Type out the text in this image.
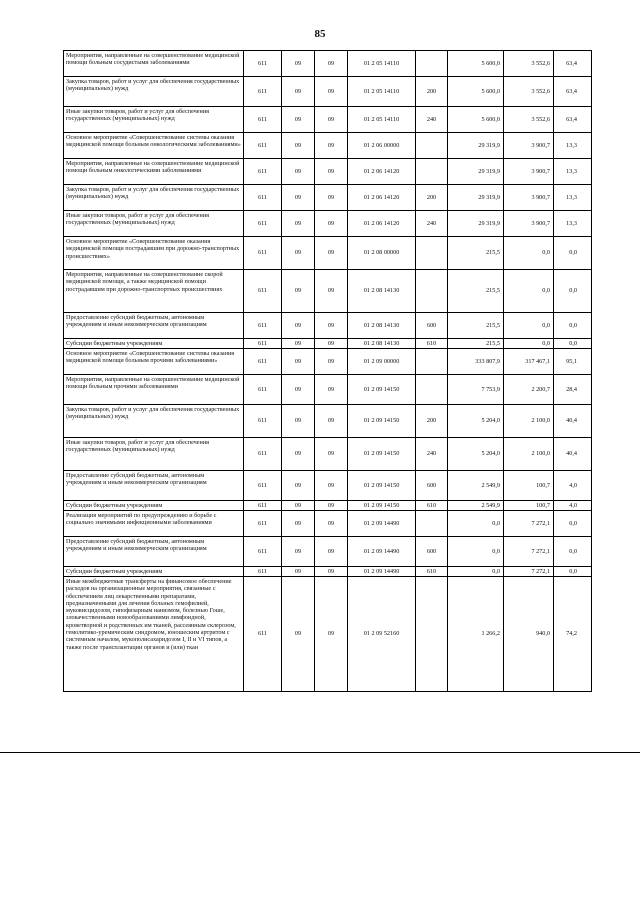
85
Мероприятия, направленные на совершенствование медицинской помощи больным сосудистыми заболеваниями	611	09	09	01 2 05 14110		5 600,0	3 552,6	63,4
Закупка товаров, работ и услуг для обеспечения государственных (муниципальных) нужд	611	09	09	01 2 05 14110	200	5 600,0	3 552,6	63,4
Иные закупки товаров, работ и услуг для обеспечения государственных (муниципальных) нужд	611	09	09	01 2 05 14110	240	5 600,0	3 552,6	63,4
Основное мероприятие «Совершенствование системы оказания медицинской помощи больным онкологическими заболеваниями»	611	09	09	01 2 06 00000		29 319,9	3 900,7	13,3
Мероприятия, направленные на совершенствование медицинской помощи больным онкологическими заболеваниями	611	09	09	01 2 06 14120		29 319,9	3 900,7	13,3
Закупка товаров, работ и услуг для обеспечения государственных (муниципальных) нужд	611	09	09	01 2 06 14120	200	29 319,9	3 900,7	13,3
Иные закупки товаров, работ и услуг для обеспечения государственных (муниципальных) нужд	611	09	09	01 2 06 14120	240	29 319,9	3 900,7	13,3
Основное мероприятие «Совершенствование оказания медицинской помощи пострадавшим при дорожно-транспортных происшествиях»	611	09	09	01 2 08 00000		215,5	0,0	0,0
Мероприятия, направленные на совершенствование скорой медицинской помощи, а также медицинской помощи пострадавшим при дорожно-транспортных происшествиях	611	09	09	01 2 08 14130		215,5	0,0	0,0
Предоставление субсидий бюджетным, автономным учреждениям и иным некоммерческим организациям	611	09	09	01 2 08 14130	600	215,5	0,0	0,0
Субсидии бюджетным учреждениям	611	09	09	01 2 08 14130	610	215,5	0,0	0,0
Основное мероприятие «Совершенствование системы оказания медицинской помощи больным прочими заболеваниями»	611	09	09	01 2 09 00000		333 807,9	317 467,1	95,1
Мероприятия, направленные на совершенствование медицинской помощи больным прочими заболеваниями	611	09	09	01 2 09 14150		7 753,9	2 200,7	28,4
Закупка товаров, работ и услуг для обеспечения государственных (муниципальных) нужд	611	09	09	01 2 09 14150	200	5 204,0	2 100,0	40,4
Иные закупки товаров, работ и услуг для обеспечения государственных (муниципальных) нужд	611	09	09	01 2 09 14150	240	5 204,0	2 100,0	40,4
Предоставление субсидий бюджетным, автономным учреждениям и иным некоммерческим организациям	611	09	09	01 2 09 14150	600	2 549,9	100,7	4,0
Субсидии бюджетным учреждениям	611	09	09	01 2 09 14150	610	2 549,9	100,7	4,0
Реализация мероприятий по предупреждению и борьбе с социально значимыми инфекционными заболеваниями	611	09	09	01 2 09 14490		0,0	7 272,1	0,0
Предоставление субсидий бюджетным, автономным учреждениям и иным некоммерческим организациям	611	09	09	01 2 09 14490	600	0,0	7 272,1	0,0
Субсидии бюджетным учреждениям	611	09	09	01 2 09 14490	610	0,0	7 272,1	0,0
Иные межбюджетные трансферты на финансовое обеспечение расходов на организационные мероприятия, связанные с обеспечением лиц лекарственными препаратами, предназначенными для лечения больных гемофилией, муковисцидозом, гипофизарным нанизмом, болезнью Гоше, злокачественными новообразованиями лимфоидной, кроветворной и родственных им тканей, рассеянным склерозом, гемолитико-уремическим синдромом, юношеским артритом с системным началом, мукополисахаридозом I, II и VI типов, а также после трансплантации органов и (или) ткан	611	09	09	01 2 09 52160		1 266,2	940,0	74,2
